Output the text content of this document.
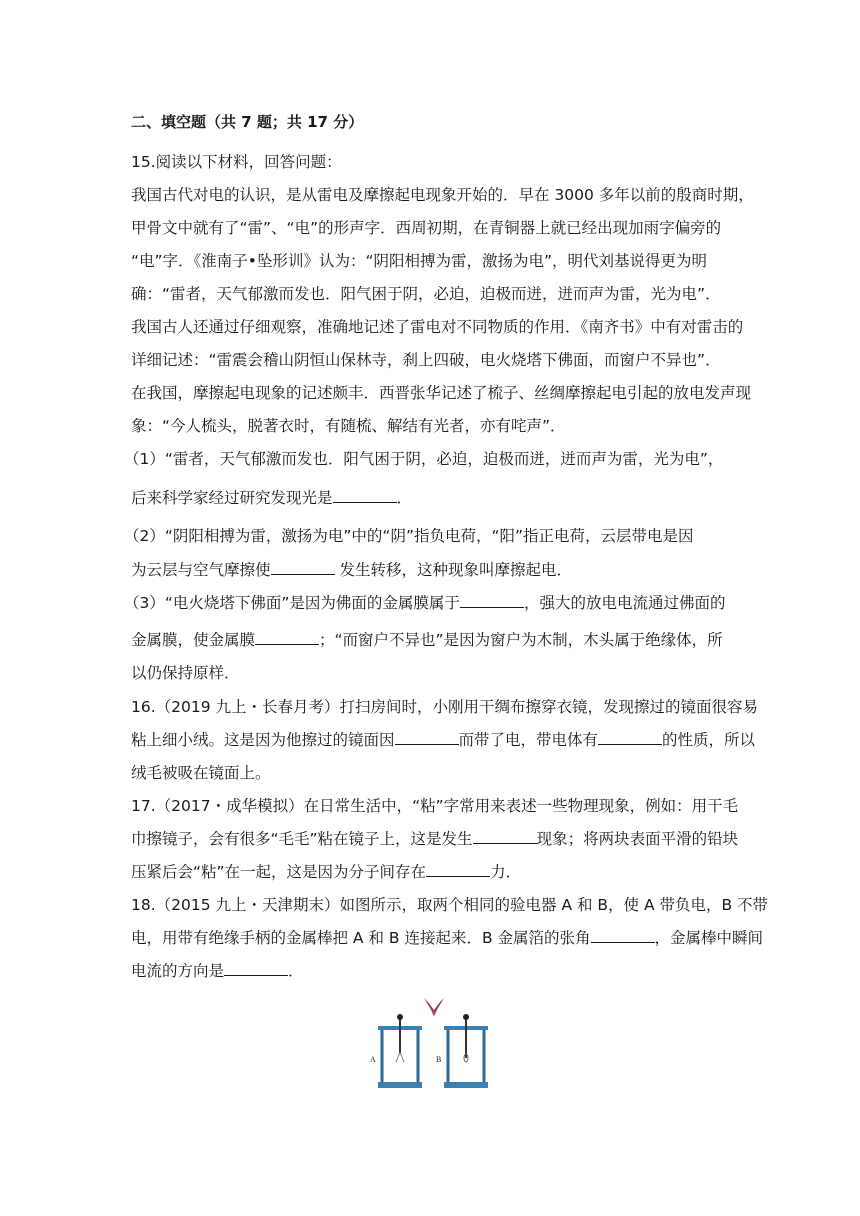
二、填空题（共 7 题；共 17 分）
15.阅读以下材料，回答问题：
我国古代对电的认识，是从雷电及摩擦起电现象开始的．早在 3000 多年以前的殷商时期，
甲骨文中就有了“雷”、“电”的形声字．西周初期，在青铜器上就已经出现加雨字偏旁的
“电”字．《淮南子•坠形训》认为：“阴阳相搏为雷，激扬为电”，明代刘基说得更为明
确：“雷者，天气郁激而发也．阳气困于阴，必迫，迫极而迸，迸而声为雷，光为电”．
我国古人还通过仔细观察，准确地记述了雷电对不同物质的作用．《南齐书》中有对雷击的
详细记述：“雷震会稽山阴恒山保林寺，刹上四破，电火烧塔下佛面，而窗户不异也”．
在我国，摩擦起电现象的记述颇丰．西晋张华记述了梳子、丝绸摩擦起电引起的放电发声现
象：“今人梳头，脱著衣时，有随梳、解结有光者，亦有咤声”．
（1）“雷者，天气郁激而发也．阳气困于阴，必迫，迫极而迸，迸而声为雷，光为电”，
后来科学家经过研究发现光是	．
（2）“阴阳相搏为雷，激扬为电”中的“阴”指负电荷，“阳”指正电荷，云层带电是因
为云层与空气摩擦使	发生转移，这种现象叫摩擦起电．
（3）“电火烧塔下佛面”是因为佛面的金属膜属于	，强大的放电电流通过佛面的
金属膜，使金属膜	；“而窗户不异也”是因为窗户为木制，木头属于绝缘体，所
以仍保持原样．
16.（2019 九上・长春月考）打扫房间时，小刚用干绸布擦穿衣镜，发现擦过的镜面很容易
粘上细小绒。这是因为他擦过的镜面因	而带了电，带电体有	的性质，所以
绒毛被吸在镜面上。
17.（2017・成华模拟）在日常生活中，“粘”字常用来表述一些物理现象，例如：用干毛
巾擦镜子，会有很多“毛毛”粘在镜子上，这是发生	现象；将两块表面平滑的铅块
压紧后会“粘”在一起，这是因为分子间存在	力．
18.（2015 九上・天津期末）如图所示，取两个相同的验电器 A 和 B，使 A 带负电，B 不带
电，用带有绝缘手柄的金属棒把 A 和 B 连接起来．B 金属箔的张角	，金属棒中瞬间
电流的方向是	．
A	B
